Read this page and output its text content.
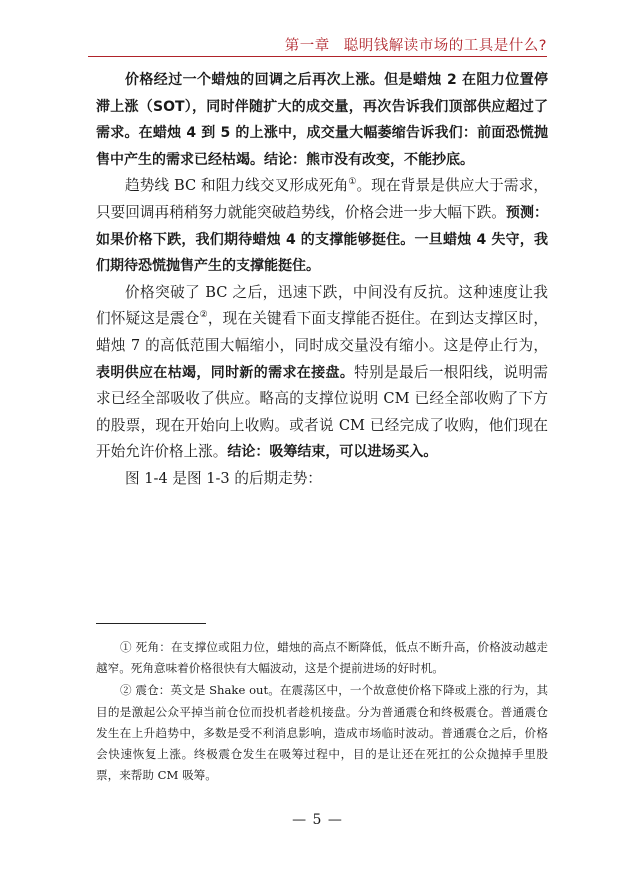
第一章 聪明钱解读市场的工具是什么?

价格经过一个蜡烛的回调之后再次上涨。但是蜡烛 2 在阻力位置停滞上涨（SOT），同时伴随扩大的成交量，再次告诉我们顶部供应超过了需求。在蜡烛 4 到 5 的上涨中，成交量大幅萎缩告诉我们：前面恐慌抛售中产生的需求已经枯竭。结论：熊市没有改变，不能抄底。

趋势线 BC 和阻力线交叉形成死角①。现在背景是供应大于需求，只要回调再稍稍努力就能突破趋势线，价格会进一步大幅下跌。预测：如果价格下跌，我们期待蜡烛 4 的支撑能够挺住。一旦蜡烛 4 失守，我们期待恐慌抛售产生的支撑能挺住。

价格突破了 BC 之后，迅速下跌，中间没有反抗。这种速度让我们怀疑这是震仓②，现在关键看下面支撑能否挺住。在到达支撑区时，蜡烛 7 的高低范围大幅缩小，同时成交量没有缩小。这是停止行为，表明供应在枯竭，同时新的需求在接盘。特别是最后一根阳线，说明需求已经全部吸收了供应。略高的支撑位说明 CM 已经全部收购了下方的股票，现在开始向上收购。或者说 CM 已经完成了收购，他们现在开始允许价格上涨。结论：吸筹结束，可以进场买入。

图 1-4 是图 1-3 的后期走势：

① 死角：在支撑位或阻力位，蜡烛的高点不断降低，低点不断升高，价格波动越走越窄。死角意味着价格很快有大幅波动，这是个提前进场的好时机。

② 震仓：英文是 Shake out。在震荡区中，一个故意使价格下降或上涨的行为，其目的是激起公众平掉当前仓位而投机者趁机接盘。分为普通震仓和终极震仓。普通震仓发生在上升趋势中，多数是受不利消息影响，造成市场临时波动。普通震仓之后，价格会快速恢复上涨。终极震仓发生在吸筹过程中，目的是让还在死扛的公众抛掉手里股票，来帮助 CM 吸筹。

— 5 —
